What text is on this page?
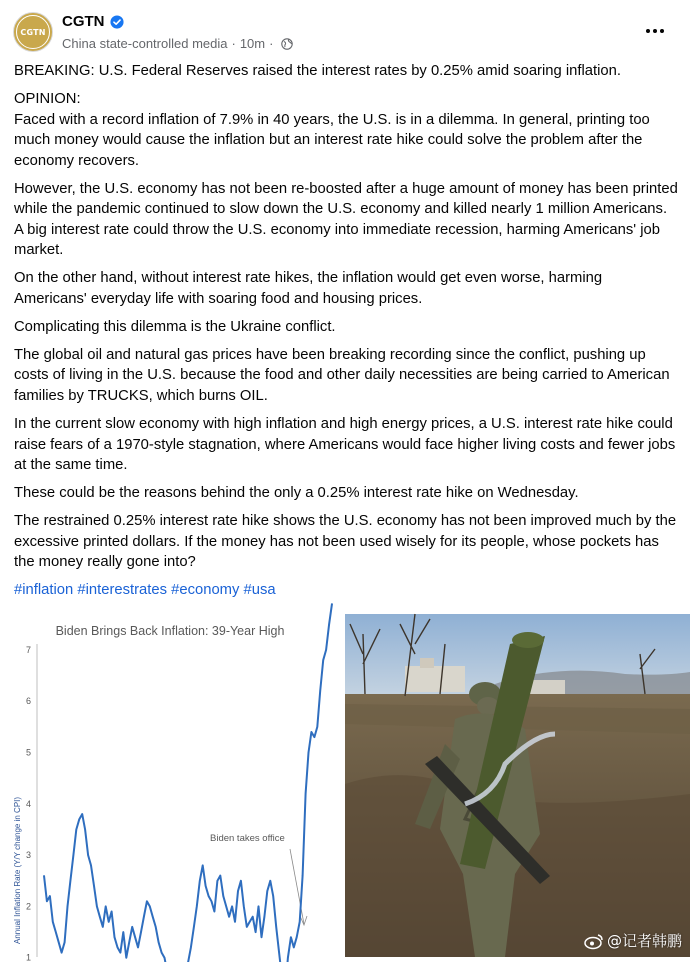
CGTN
CGTN
China state-controlled media · 10m ·

BREAKING: U.S. Federal Reserves raised the interest rates by 0.25% amid soaring inflation.

OPINION:

Faced with a record inflation of 7.9% in 40 years, the U.S. is in a dilemma. In general, printing too much money would cause the inflation but an interest rate hike could solve the problem after the economy recovers.

However, the U.S. economy has not been re-boosted after a huge amount of money has been printed while the pandemic continued to slow down the U.S. economy and killed nearly 1 million Americans. A big interest rate could throw the U.S. economy into immediate recession, harming Americans' job market.

On the other hand, without interest rate hikes, the inflation would get even worse, harming Americans' everyday life with soaring food and housing prices.

Complicating this dilemma is the Ukraine conflict.

The global oil and natural gas prices have been breaking recording since the conflict, pushing up costs of living in the U.S. because the food and other daily necessities are being carried to American families by TRUCKS, which burns OIL.

In the current slow economy with high inflation and high energy prices, a U.S. interest rate hike could raise fears of a 1970-style stagnation, where Americans would face higher living costs and fewer jobs at the same time.

These could be the reasons behind the only a 0.25% interest rate hike on Wednesday.

The restrained 0.25% interest rate hike shows the U.S. economy has not been improved much by the excessive printed dollars. If the money has not been used wisely for its people, whose pockets has the money really gone into?

#inflation #interestrates #economy #usa
Biden Brings Back Inflation: 39-Year High
Annual Inflation Rate (Y/Y change in CPI)
1
2
3
4
5
6
7
Biden takes office
@记者韩鹏
